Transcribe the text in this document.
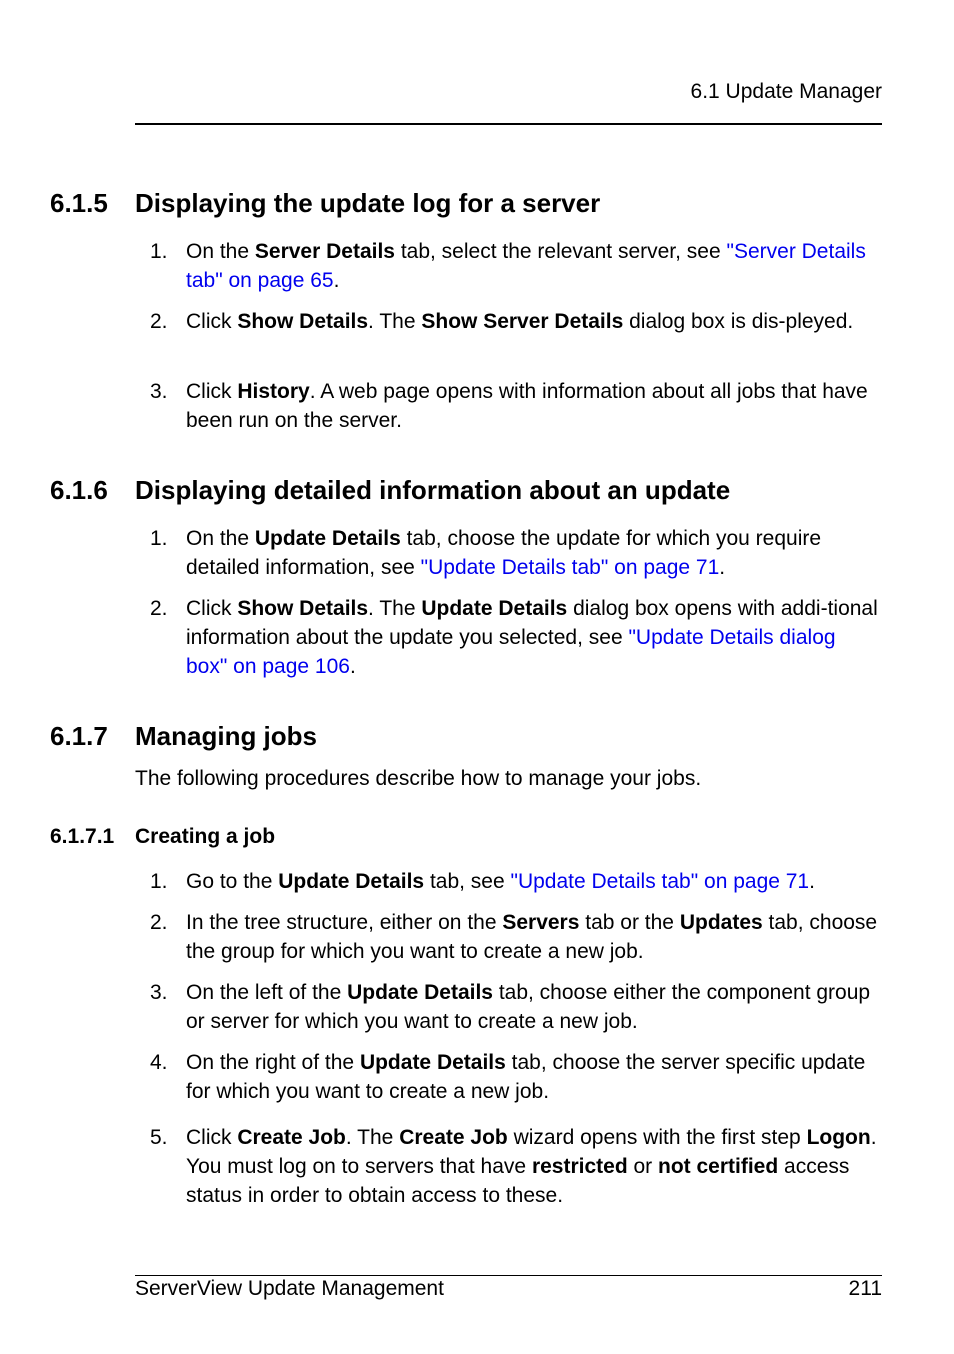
6.1 Update Manager
6.1.5 Displaying the update log for a server
1. On the Server Details tab, select the relevant server, see "Server Details tab" on page 65.
2. Click Show Details. The Show Server Details dialog box is dis-pleyed.
3. Click History. A web page opens with information about all jobs that have been run on the server.
6.1.6 Displaying detailed information about an update
1. On the Update Details tab, choose the update for which you require detailed information, see "Update Details tab" on page 71.
2. Click Show Details. The Update Details dialog box opens with addi-tional information about the update you selected, see "Update Details dialog box" on page 106.
6.1.7 Managing jobs
The following procedures describe how to manage your jobs.
6.1.7.1 Creating a job
1. Go to the Update Details tab, see "Update Details tab" on page 71.
2. In the tree structure, either on the Servers tab or the Updates tab, choose the group for which you want to create a new job.
3. On the left of the Update Details tab, choose either the component group or server for which you want to create a new job.
4. On the right of the Update Details tab, choose the server specific update for which you want to create a new job.
5. Click Create Job. The Create Job wizard opens with the first step Logon. You must log on to servers that have restricted or not certified access status in order to obtain access to these.
ServerView Update Management	211
